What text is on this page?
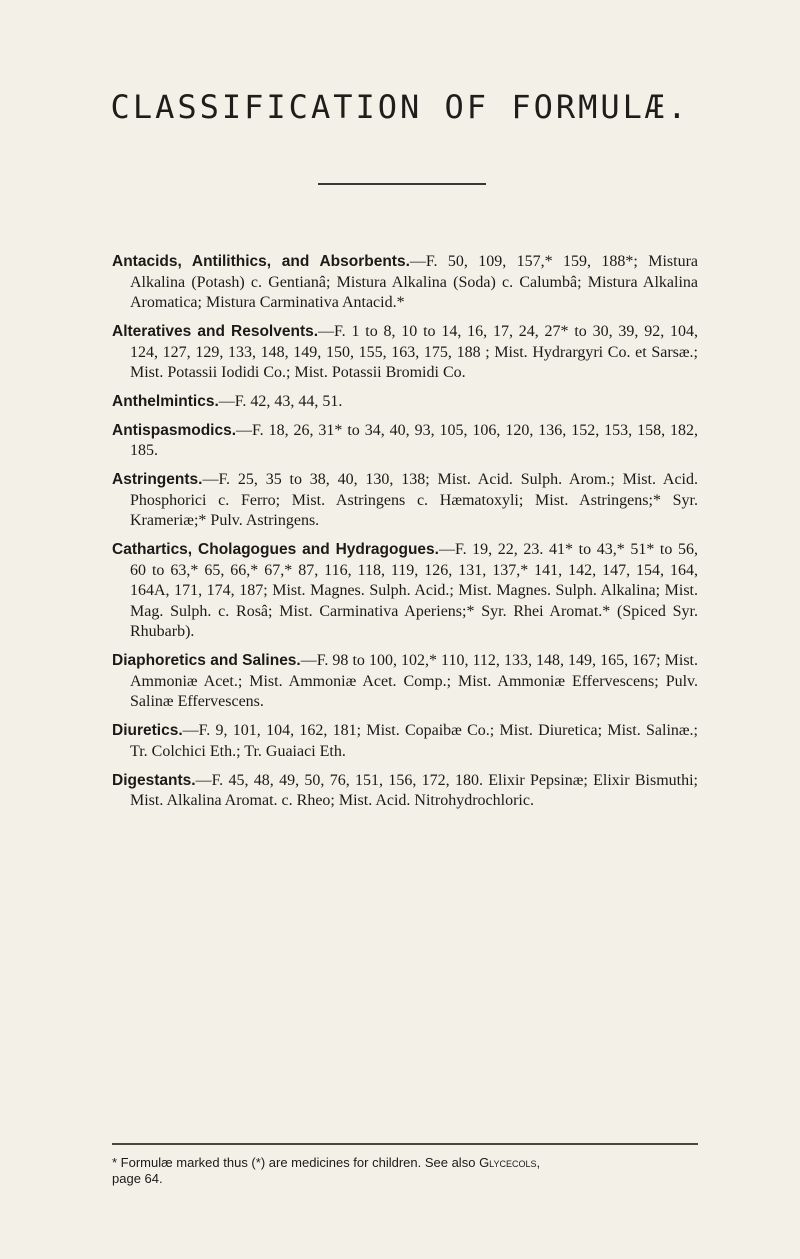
CLASSIFICATION OF FORMULÆ.

Antacids, Antilithics, and Absorbents.—F. 50, 109, 157,* 159, 188*; Mistura Alkalina (Potash) c. Gentianâ; Mistura Alkalina (Soda) c. Calumbâ; Mistura Alkalina Aromatica; Mistura Carminativa Antacid.*

Alteratives and Resolvents.—F. 1 to 8, 10 to 14, 16, 17, 24, 27* to 30, 39, 92, 104, 124, 127, 129, 133, 148, 149, 150, 155, 163, 175, 188 ; Mist. Hydrargyri Co. et Sarsæ.; Mist. Potassii Iodidi Co.; Mist. Potassii Bromidi Co.

Anthelmintics.—F. 42, 43, 44, 51.

Antispasmodics.—F. 18, 26, 31* to 34, 40, 93, 105, 106, 120, 136, 152, 153, 158, 182, 185.

Astringents.—F. 25, 35 to 38, 40, 130, 138; Mist. Acid. Sulph. Arom.; Mist. Acid. Phosphorici c. Ferro; Mist. Astringens c. Hæmatoxyli; Mist. Astringens;* Syr. Krameriæ;* Pulv. Astringens.

Cathartics, Cholagogues and Hydragogues.—F. 19, 22, 23. 41* to 43,* 51* to 56, 60 to 63,* 65, 66,* 67,* 87, 116, 118, 119, 126, 131, 137,* 141, 142, 147, 154, 164, 164A, 171, 174, 187; Mist. Magnes. Sulph. Acid.; Mist. Magnes. Sulph. Alkalina; Mist. Mag. Sulph. c. Rosâ; Mist. Carminativa Aperiens;* Syr. Rhei Aromat.* (Spiced Syr. Rhubarb).

Diaphoretics and Salines.—F. 98 to 100, 102,* 110, 112, 133, 148, 149, 165, 167; Mist. Ammoniæ Acet.; Mist. Ammoniæ Acet. Comp.; Mist. Ammoniæ Effervescens; Pulv. Salinæ Effervescens.

Diuretics.—F. 9, 101, 104, 162, 181; Mist. Copaibæ Co.; Mist. Diuretica; Mist. Salinæ.; Tr. Colchici Eth.; Tr. Guaiaci Eth.

Digestants.—F. 45, 48, 49, 50, 76, 151, 156, 172, 180. Elixir Pepsinæ; Elixir Bismuthi; Mist. Alkalina Aromat. c. Rheo; Mist. Acid. Nitrohydrochloric.

* Formulæ marked thus (*) are medicines for children. See also Glycecols,
page 64.
